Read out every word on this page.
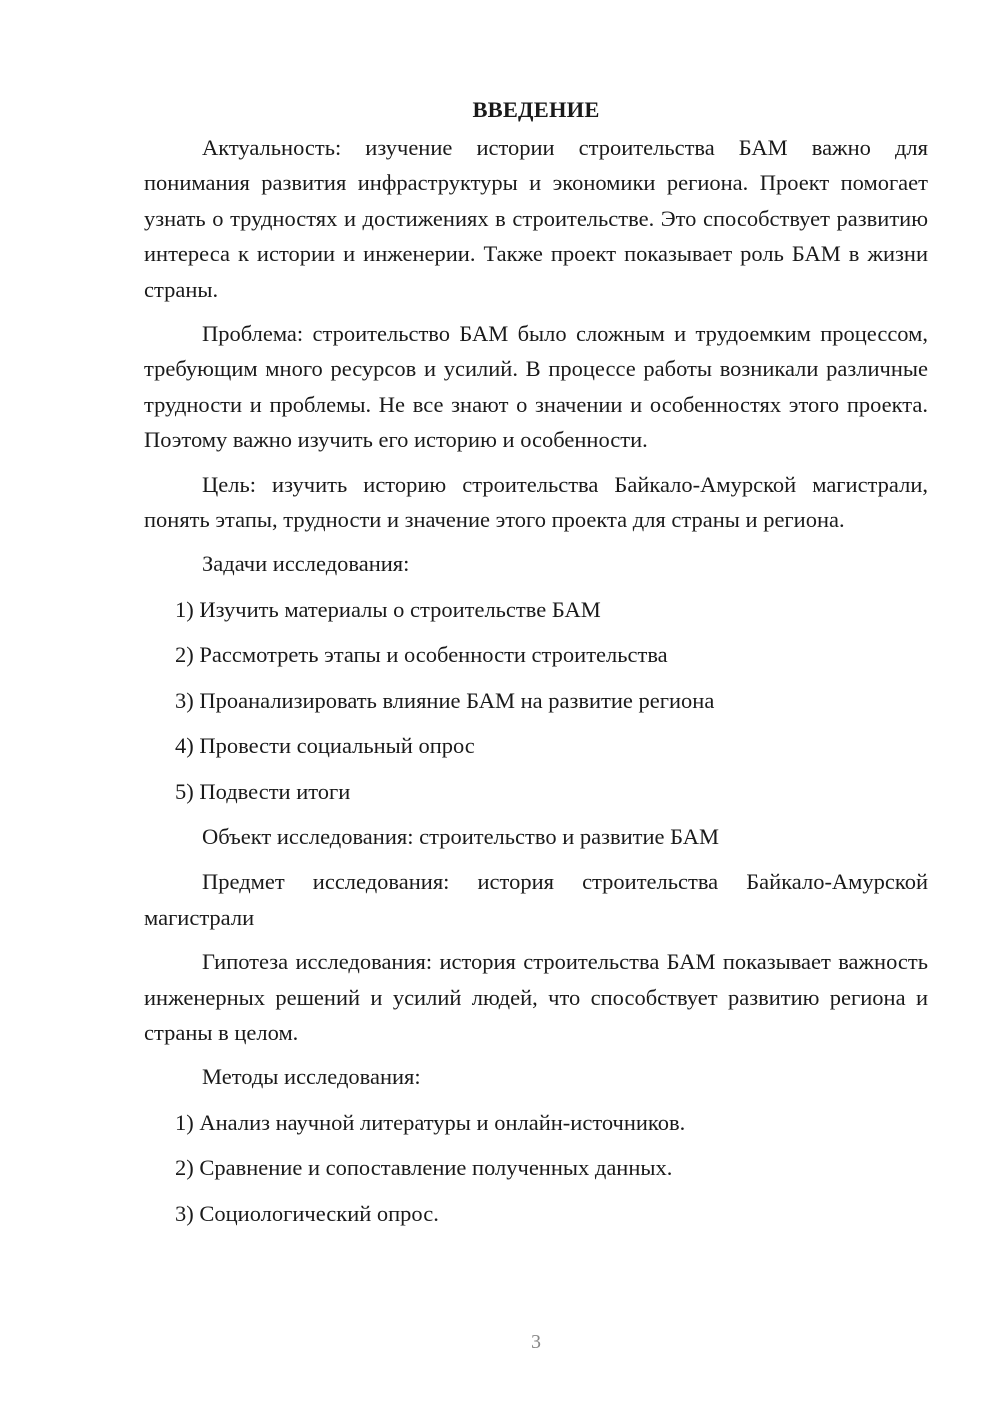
ВВЕДЕНИЕ

Актуальность: изучение истории строительства БАМ важно для понимания развития инфраструктуры и экономики региона. Проект помогает узнать о трудностях и достижениях в строительстве. Это способствует развитию интереса к истории и инженерии. Также проект показывает роль БАМ в жизни страны.

Проблема: строительство БАМ было сложным и трудоемким процессом, требующим много ресурсов и усилий. В процессе работы возникали различные трудности и проблемы. Не все знают о значении и особенностях этого проекта. Поэтому важно изучить его историю и особенности.

Цель: изучить историю строительства Байкало-Амурской магистрали, понять этапы, трудности и значение этого проекта для страны и региона.

Задачи исследования:

1) Изучить материалы о строительстве БАМ

2) Рассмотреть этапы и особенности строительства

3) Проанализировать влияние БАМ на развитие региона

4) Провести социальный опрос

5) Подвести итоги

Объект исследования: строительство и развитие БАМ

Предмет исследования: история строительства Байкало-Амурской магистрали

Гипотеза исследования: история строительства БАМ показывает важность инженерных решений и усилий людей, что способствует развитию региона и страны в целом.

Методы исследования:

1) Анализ научной литературы и онлайн-источников.

2) Сравнение и сопоставление полученных данных.

3) Социологический опрос.

3
